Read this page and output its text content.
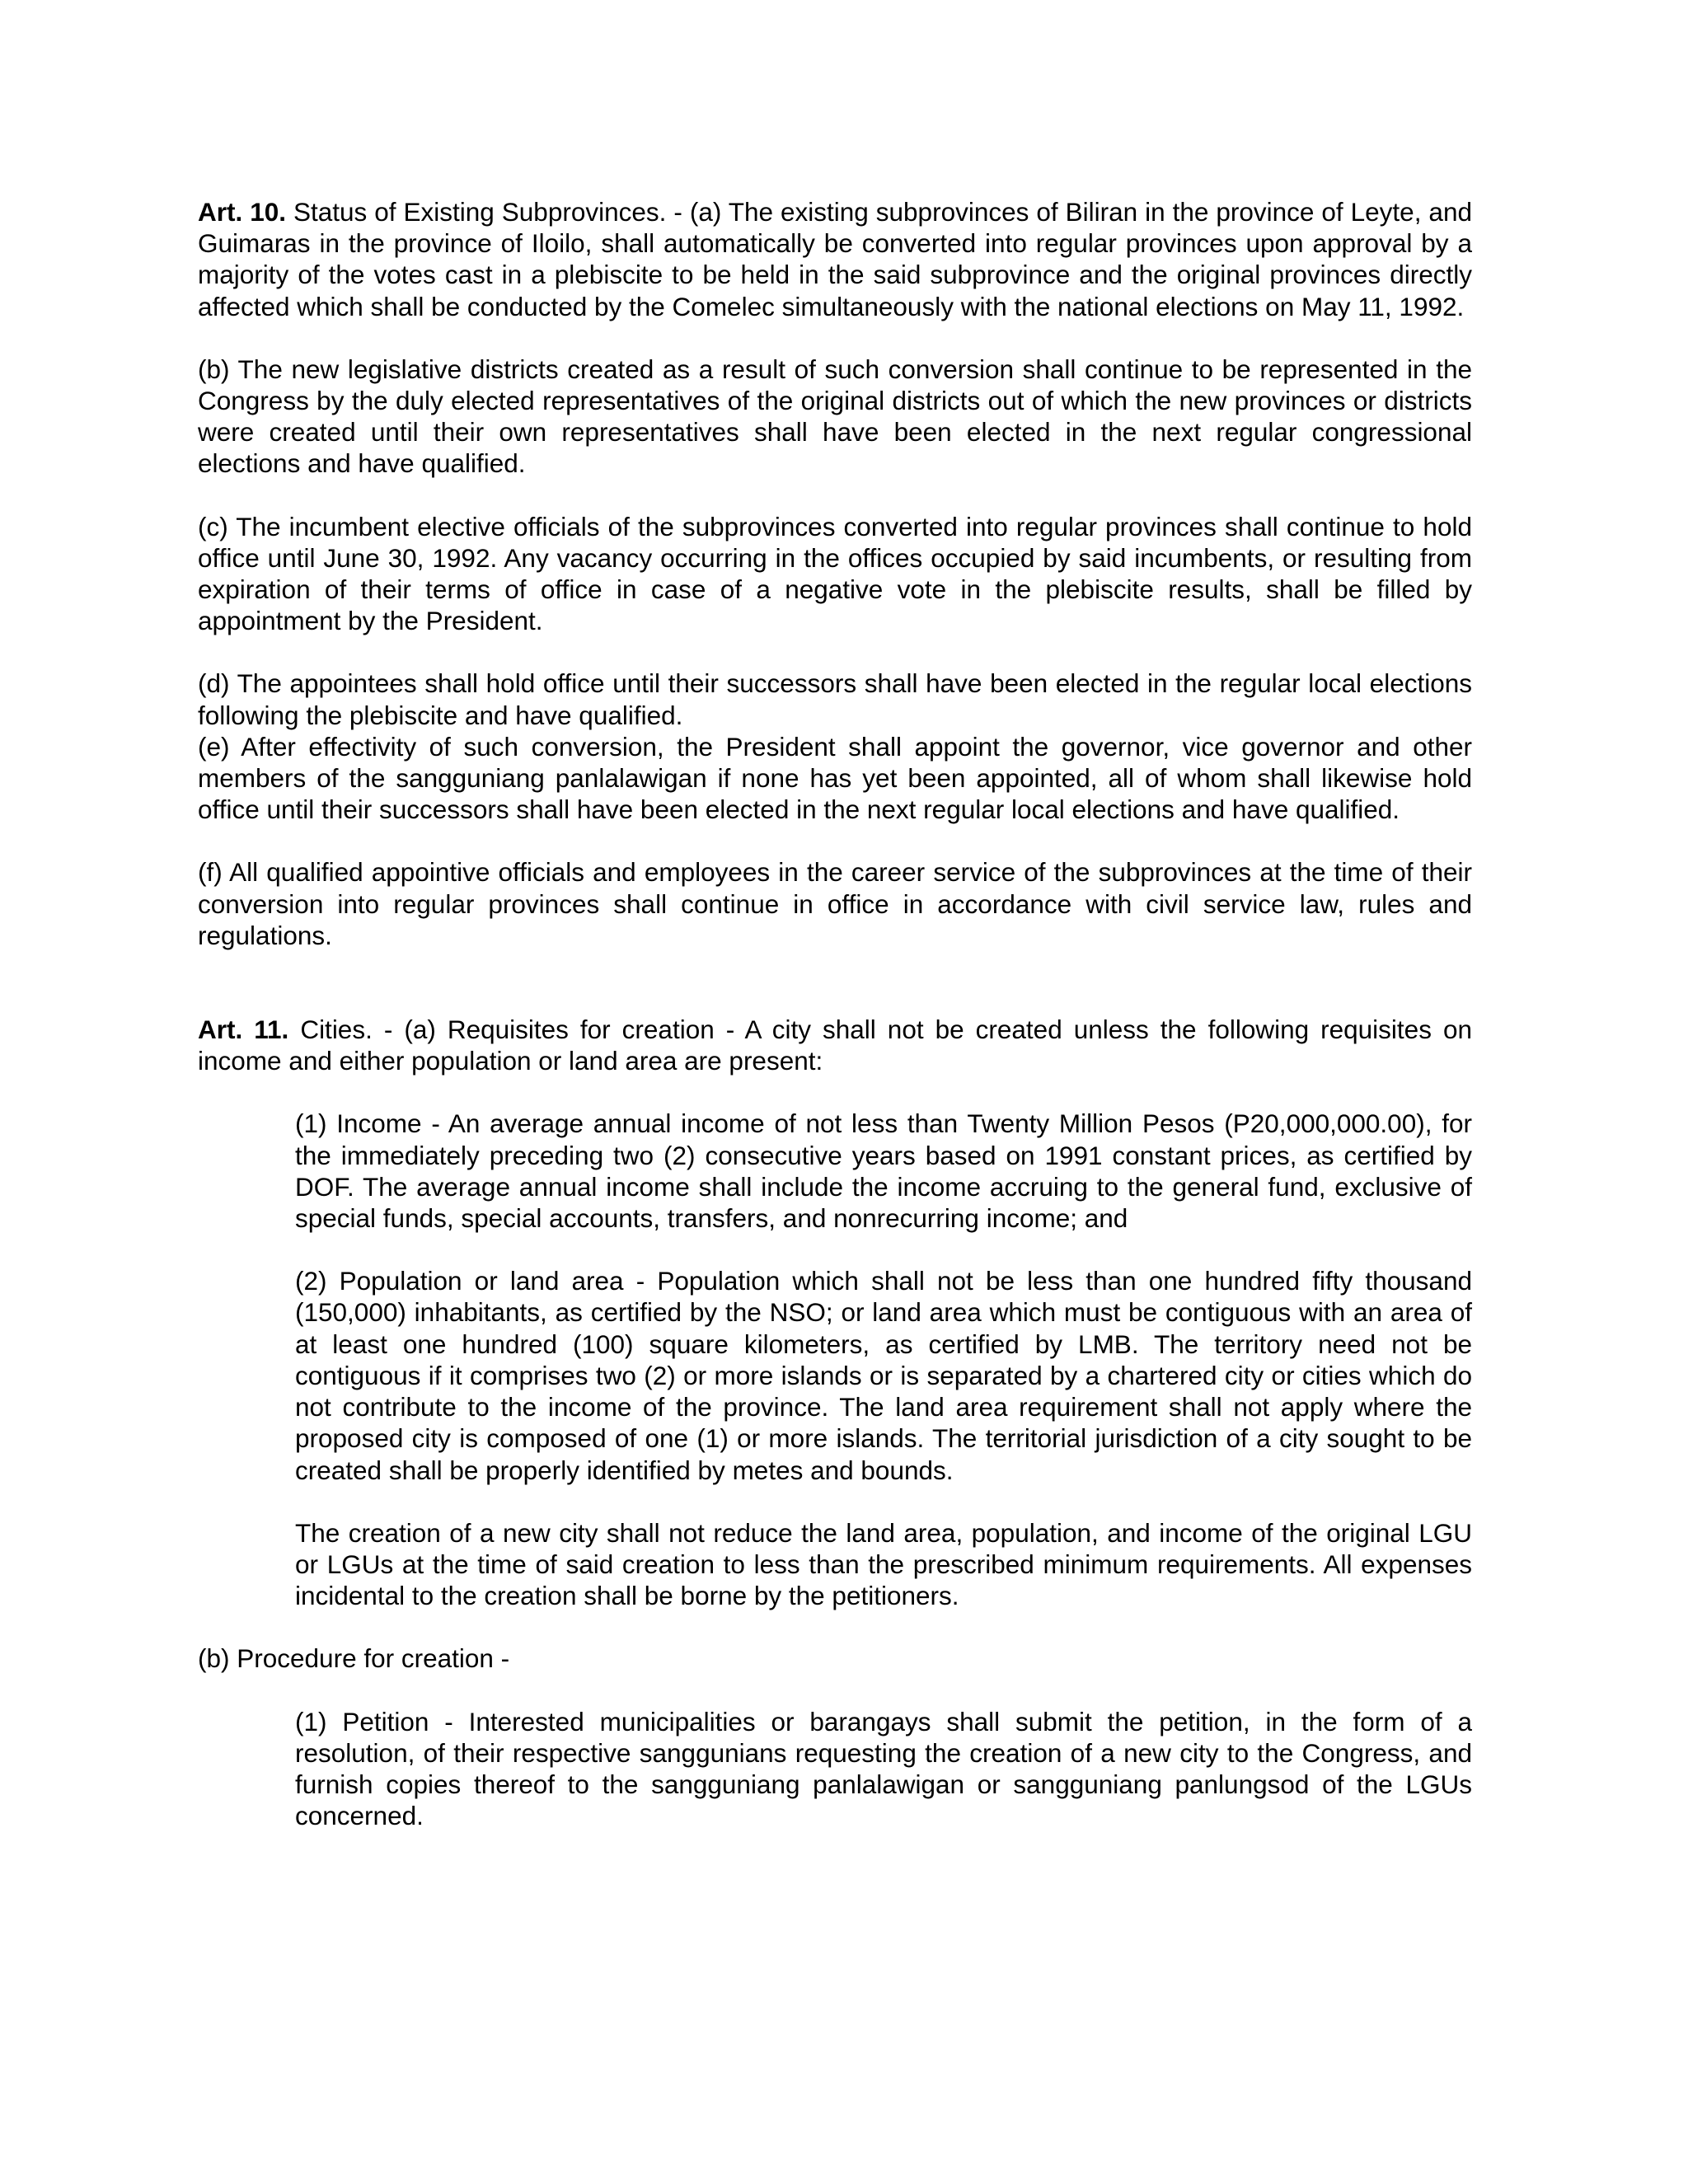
Art. 10. Status of Existing Subprovinces. - (a) The existing subprovinces of Biliran in the province of Leyte, and Guimaras in the province of Iloilo, shall automatically be converted into regular provinces upon approval by a majority of the votes cast in a plebiscite to be held in the said subprovince and the original provinces directly affected which shall be conducted by the Comelec simultaneously with the national elections on May 11, 1992.

(b) The new legislative districts created as a result of such conversion shall continue to be represented in the Congress by the duly elected representatives of the original districts out of which the new provinces or districts were created until their own representatives shall have been elected in the next regular congressional elections and have qualified.

(c) The incumbent elective officials of the subprovinces converted into regular provinces shall continue to hold office until June 30, 1992. Any vacancy occurring in the offices occupied by said incumbents, or resulting from expiration of their terms of office in case of a negative vote in the plebiscite results, shall be filled by appointment by the President.

(d) The appointees shall hold office until their successors shall have been elected in the regular local elections following the plebiscite and have qualified.

(e) After effectivity of such conversion, the President shall appoint the governor, vice governor and other members of the sangguniang panlalawigan if none has yet been appointed, all of whom shall likewise hold office until their successors shall have been elected in the next regular local elections and have qualified.

(f) All qualified appointive officials and employees in the career service of the subprovinces at the time of their conversion into regular provinces shall continue in office in accordance with civil service law, rules and regulations.

Art. 11. Cities. - (a) Requisites for creation - A city shall not be created unless the following requisites on income and either population or land area are present:

(1) Income - An average annual income of not less than Twenty Million Pesos (P20,000,000.00), for the immediately preceding two (2) consecutive years based on 1991 constant prices, as certified by DOF. The average annual income shall include the income accruing to the general fund, exclusive of special funds, special accounts, transfers, and nonrecurring income; and

(2) Population or land area - Population which shall not be less than one hundred fifty thousand (150,000) inhabitants, as certified by the NSO; or land area which must be contiguous with an area of at least one hundred (100) square kilometers, as certified by LMB. The territory need not be contiguous if it comprises two (2) or more islands or is separated by a chartered city or cities which do not contribute to the income of the province. The land area requirement shall not apply where the proposed city is composed of one (1) or more islands. The territorial jurisdiction of a city sought to be created shall be properly identified by metes and bounds.

The creation of a new city shall not reduce the land area, population, and income of the original LGU or LGUs at the time of said creation to less than the prescribed minimum requirements. All expenses incidental to the creation shall be borne by the petitioners.

(b) Procedure for creation -

(1) Petition - Interested municipalities or barangays shall submit the petition, in the form of a resolution, of their respective sanggunians requesting the creation of a new city to the Congress, and furnish copies thereof to the sangguniang panlalawigan or sangguniang panlungsod of the LGUs concerned.
